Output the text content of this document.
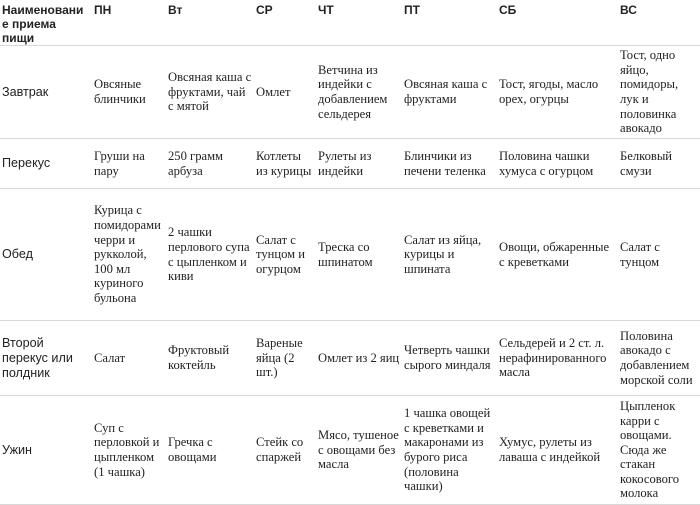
Наименование приема пищи	ПН	Вт	СР	ЧТ	ПТ	СБ	ВС
Завтрак	Овсяные блинчики	Овсяная каша с фруктами, чай с мятой	Омлет	Ветчина из индейки с добавлением сельдерея	Овсяная каша с фруктами	Тост, ягоды, масло орех, огурцы	Тост, одно яйцо, помидоры, лук и половинка авокадо
Перекус	Груши на пару	250 грамм арбуза	Котлеты из курицы	Рулеты из индейки	Блинчики из печени теленка	Половина чашки хумуса с огурцом	Белковый смузи
Обед	Курица с помидорами черри и рукколой, 100 мл куриного бульона	2 чашки перлового супа с цыпленком и киви	Салат с тунцом и огурцом	Треска со шпинатом	Салат из яйца, курицы и шпината	Овощи, обжаренные с креветками	Салат с тунцом
Второй перекус или полдник	Салат	Фруктовый коктейль	Вареные яйца (2 шт.)	Омлет из 2 яиц	Четверть чашки сырого миндаля	Сельдерей и 2 ст. л. нерафинированного масла	Половина авокадо с добавлением морской соли
Ужин	Суп с перловкой и цыпленком (1 чашка)	Гречка с овощами	Стейк со спаржей	Мясо, тушеное с овощами без масла	1 чашка овощей с креветками и макаронами из бурого риса (половина чашки)	Хумус, рулеты из лаваша с индейкой	Цыпленок карри с овощами. Сюда же стакан кокосового молока
